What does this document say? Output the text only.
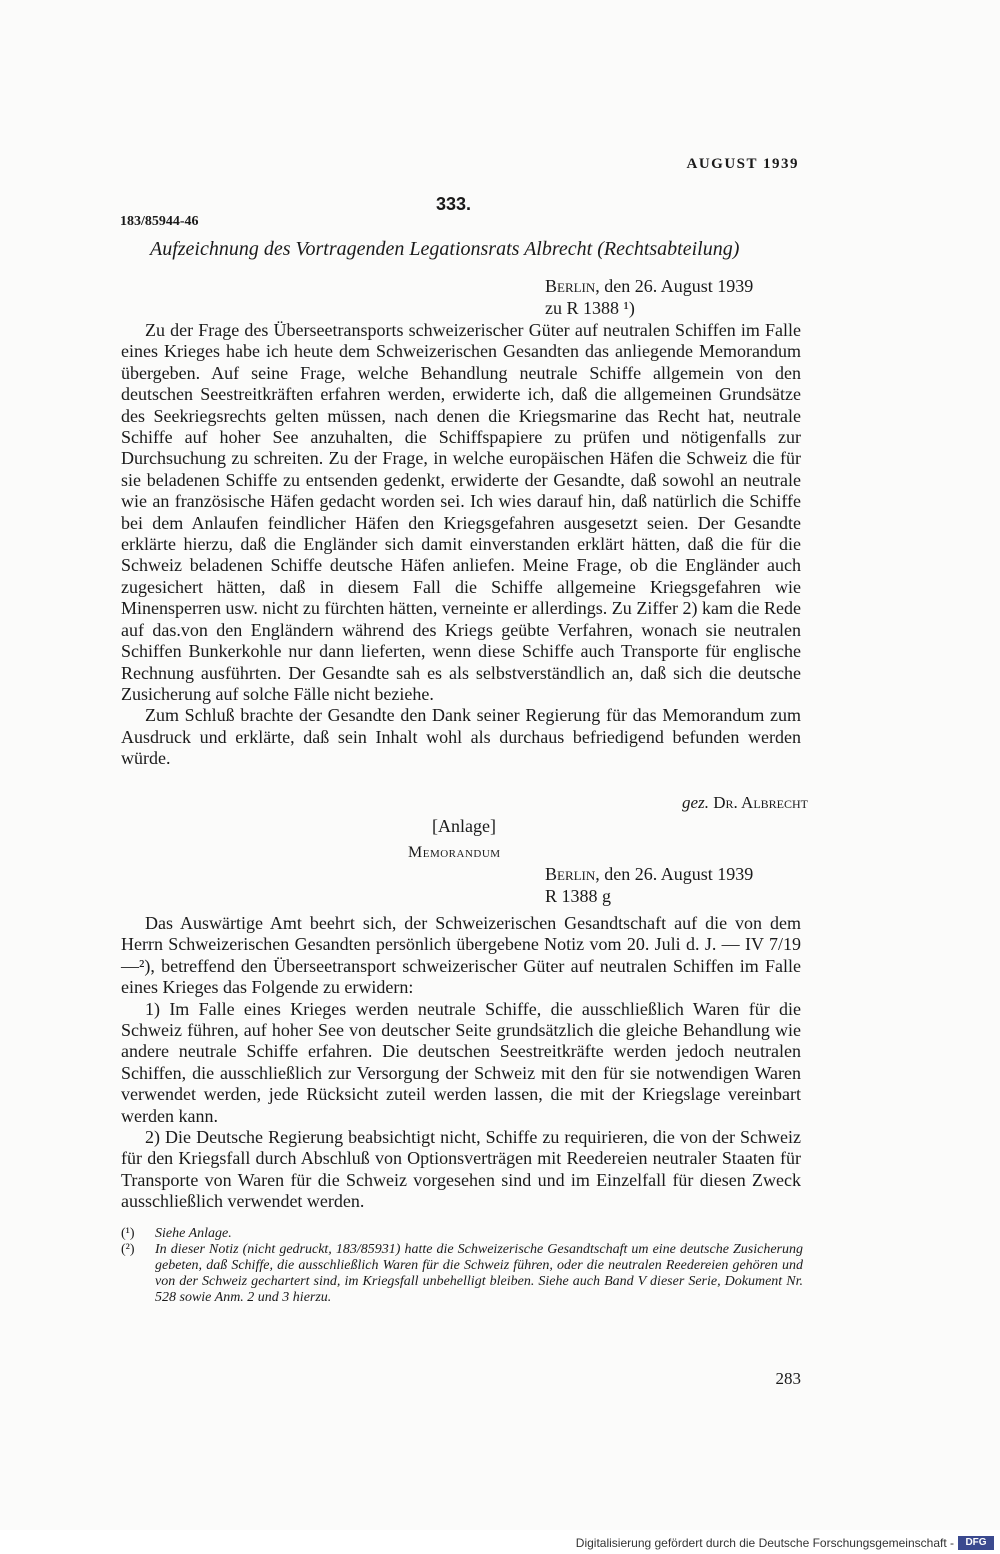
AUGUST 1939
333.
183/85944-46
Aufzeichnung des Vortragenden Legationsrats Albrecht (Rechtsabteilung)
Berlin, den 26. August 1939
zu R 1388 ¹)

Zu der Frage des Überseetransports schweizerischer Güter auf neutralen Schiffen im Falle eines Krieges habe ich heute dem Schweizerischen Gesandten das anliegende Memorandum übergeben. Auf seine Frage, welche Behandlung neutrale Schiffe allgemein von den deutschen Seestreitkräften erfahren werden, erwiderte ich, daß die allgemeinen Grundsätze des Seekriegsrechts gelten müssen, nach denen die Kriegsmarine das Recht hat, neutrale Schiffe auf hoher See anzuhalten, die Schiffspapiere zu prüfen und nötigenfalls zur Durchsuchung zu schreiten. Zu der Frage, in welche europäischen Häfen die Schweiz die für sie beladenen Schiffe zu entsenden gedenkt, erwiderte der Gesandte, daß sowohl an neutrale wie an französische Häfen gedacht worden sei. Ich wies darauf hin, daß natürlich die Schiffe bei dem Anlaufen feindlicher Häfen den Kriegsgefahren ausgesetzt seien. Der Gesandte erklärte hierzu, daß die Engländer sich damit einverstanden erklärt hätten, daß die für die Schweiz beladenen Schiffe deutsche Häfen anliefen. Meine Frage, ob die Engländer auch zugesichert hätten, daß in diesem Fall die Schiffe allgemeine Kriegsgefahren wie Minensperren usw. nicht zu fürchten hätten, verneinte er allerdings. Zu Ziffer 2) kam die Rede auf das.von den Engländern während des Kriegs geübte Verfahren, wonach sie neutralen Schiffen Bunkerkohle nur dann lieferten, wenn diese Schiffe auch Transporte für englische Rechnung ausführten. Der Gesandte sah es als selbstverständlich an, daß sich die deutsche Zusicherung auf solche Fälle nicht beziehe.

Zum Schluß brachte der Gesandte den Dank seiner Regierung für das Memorandum zum Ausdruck und erklärte, daß sein Inhalt wohl als durchaus befriedigend befunden werden würde.

gez. Dr. Albrecht
[Anlage]
Memorandum
Berlin, den 26. August 1939
R 1388 g

Das Auswärtige Amt beehrt sich, der Schweizerischen Gesandtschaft auf die von dem Herrn Schweizerischen Gesandten persönlich übergebene Notiz vom 20. Juli d. J. — IV 7/19 —²), betreffend den Überseetransport schweizerischer Güter auf neutralen Schiffen im Falle eines Krieges das Folgende zu erwidern:

1) Im Falle eines Krieges werden neutrale Schiffe, die ausschließlich Waren für die Schweiz führen, auf hoher See von deutscher Seite grundsätzlich die gleiche Behandlung wie andere neutrale Schiffe erfahren. Die deutschen Seestreitkräfte werden jedoch neutralen Schiffen, die ausschließlich zur Versorgung der Schweiz mit den für sie notwendigen Waren verwendet werden, jede Rücksicht zuteil werden lassen, die mit der Kriegslage vereinbart werden kann.

2) Die Deutsche Regierung beabsichtigt nicht, Schiffe zu requirieren, die von der Schweiz für den Kriegsfall durch Abschluß von Optionsverträgen mit Reedereien neutraler Staaten für Transporte von Waren für die Schweiz vorgesehen sind und im Einzelfall für diesen Zweck ausschließlich verwendet werden.

(¹)	Siehe Anlage.
(²)	In dieser Notiz (nicht gedruckt, 183/85931) hatte die Schweizerische Gesandtschaft um eine deutsche Zusicherung gebeten, daß Schiffe, die ausschließlich Waren für die Schweiz führen, oder die neutralen Reedereien gehören und von der Schweiz gechartert sind, im Kriegsfall unbehelligt bleiben. Siehe auch Band V dieser Serie, Dokument Nr. 528 sowie Anm. 2 und 3 hierzu.
283
Digitalisierung gefördert durch die Deutsche Forschungsgemeinschaft -	DFG
